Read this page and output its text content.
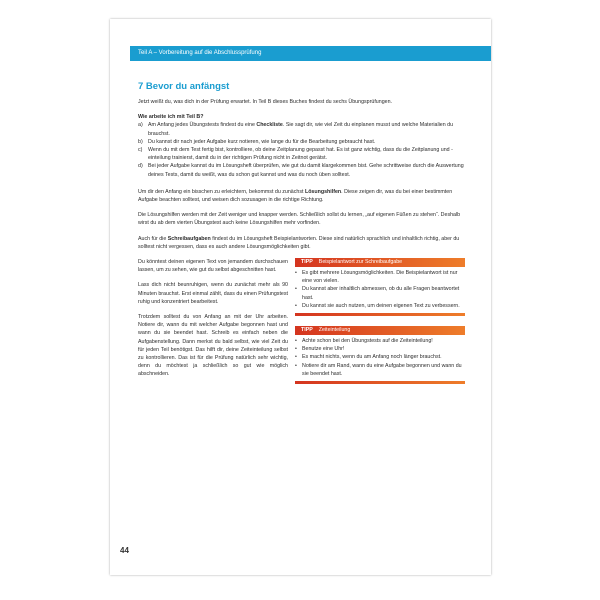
Teil A – Vorbereitung auf die Abschlussprüfung
7 Bevor du anfängst
Jetzt weißt du, was dich in der Prüfung erwartet. In Teil B dieses Buches findest du sechs Übungsprüfungen.
Wie arbeite ich mit Teil B?
a) Am Anfang jedes Übungstests findest du eine Checkliste. Sie sagt dir, wie viel Zeit du einplanen musst und welche Materialien du brauchst.
b) Du kannst dir nach jeder Aufgabe kurz notieren, wie lange du für die Bearbeitung gebraucht hast.
c)	Wenn du mit dem Test fertig bist, kontrolliere, ob deine Zeitplanung gepasst hat. Es ist ganz wichtig, dass du die Zeitplanung und -einteilung trainierst, damit du in der richtigen Prüfung nicht in Zeitnot gerätst.
d) Bei jeder Aufgabe kannst du im Lösungsheft überprüfen, wie gut du damit klargekommen bist. Gehe schrittweise durch die Auswertung deines Tests, damit du weißt, was du schon gut kannst und was du noch üben solltest.
Um dir den Anfang ein bisschen zu erleichtern, bekommst du zunächst Lösungshilfen. Diese zeigen dir, was du bei einer bestimmten Aufgabe beachten solltest, und weisen dich sozusagen in die richtige Richtung.
Die Lösungshilfen werden mit der Zeit weniger und knapper werden. Schließlich sollst du lernen, „auf eigenen Füßen zu stehen“. Deshalb wirst du ab dem vierten Übungstest auch keine Lösungshilfen mehr vorfinden.
Auch für die Schreibaufgaben findest du im Lösungsheft Beispielantworten. Diese sind natürlich sprachlich und inhaltlich richtig, aber du solltest nicht vergessen, dass es auch andere Lösungsmöglichkeiten gibt.
Du könntest deinen eigenen Text von jemandem durchschauen lassen, um zu sehen, wie gut du selbst abgeschnitten hast.
Lass dich nicht beunruhigen, wenn du zunächst mehr als 90 Minuten brauchst. Erst einmal zählt, dass du einen Prüfungstest ruhig und konzentriert bearbeitest.
Trotzdem solltest du von Anfang an mit der Uhr arbeiten. Notiere dir, wann du mit welcher Aufgabe begonnen hast und wann du sie beendet hast. Schreib es einfach neben die Aufgabenstellung. Dann merkst du bald selbst, wie viel Zeit du für jeden Teil benötigst. Das hilft dir, deine Zeiteinteilung selbst zu kontrollieren. Das ist für die Prüfung natürlich sehr wichtig, denn du möchtest ja schließlich so gut wie möglich abschneiden.
TIPP Beispielantwort zur Schreibaufgabe
• Es gibt mehrere Lösungsmöglichkeiten. Die Beispielantwort ist nur eine von vielen.
• Du kannst aber inhaltlich abmessen, ob du alle Fragen beantwortet hast.
• Du kannst sie auch nutzen, um deinen eigenen Text zu verbessern.
TIPP Zeiteinteilung
• Achte schon bei den Übungstests auf die Zeiteinteilung!
• Benutze eine Uhr!
• Es macht nichts, wenn du am Anfang noch länger brauchst.
• Notiere dir am Rand, wann du eine Aufgabe begonnen und wann du sie beendet hast.
44
